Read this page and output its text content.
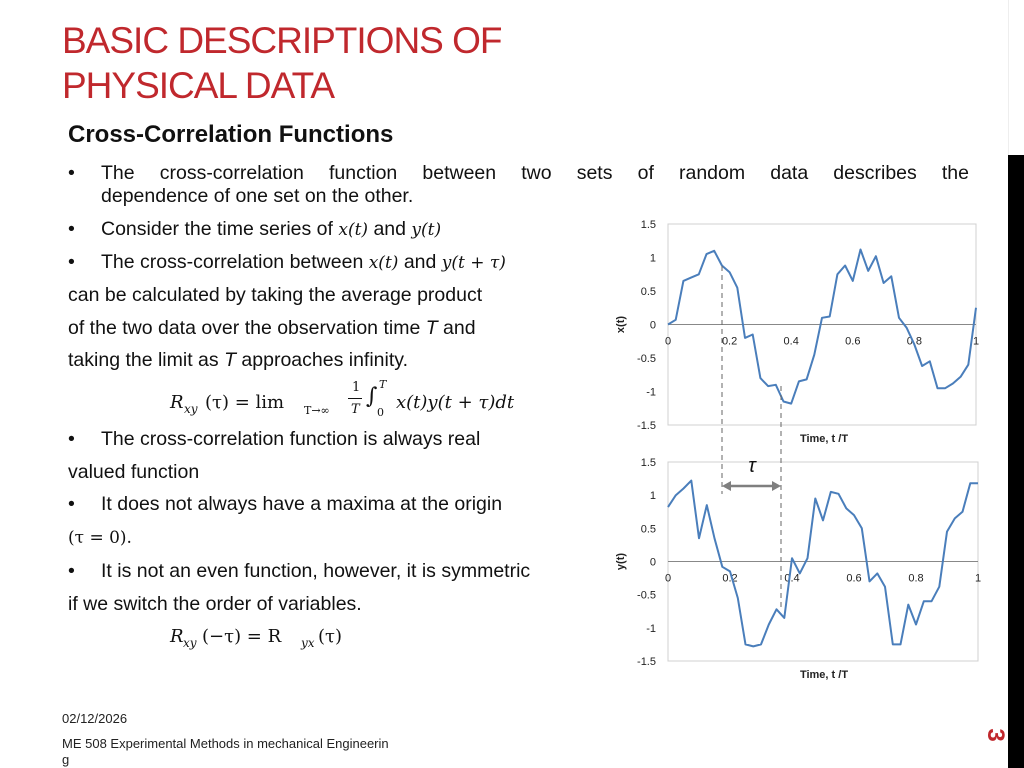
BASIC DESCRIPTIONS OF
PHYSICAL DATA
Cross-Correlation Functions
• The cross-correlation function between two sets of random data describes the
dependence of one set on the other.
• Consider the time series of x(t) and y(t)
• The cross-correlation between x(t) and y(t + τ)
can be calculated by taking the average product
of the two data over the observation time T and
taking the limit as T approaches infinity.
R xy (τ) = lim T→∞
1
T
∫ T
0 x(t)y(t + τ)dt
• The cross-correlation function is always real
valued function
• It does not always have a maxima at the origin
(τ = 0).
• It is not an even function, however, it is symmetric
if we switch the order of variables.
R xy (−τ) = R yx (τ)
1.5
1
0.5
0
-0.5
-1
-1.5
0	0.2	0.4	0.6	0.8	1
x(t)
Time, t /T
1.5
1
0.5
0
-0.5
-1
-1.5
0	0.2	0.4	0.6	0.8	1
y(t)
Time, t /T
τ
02/12/2026
ME 508 Experimental Methods in mechanical Engineerin
g
3
